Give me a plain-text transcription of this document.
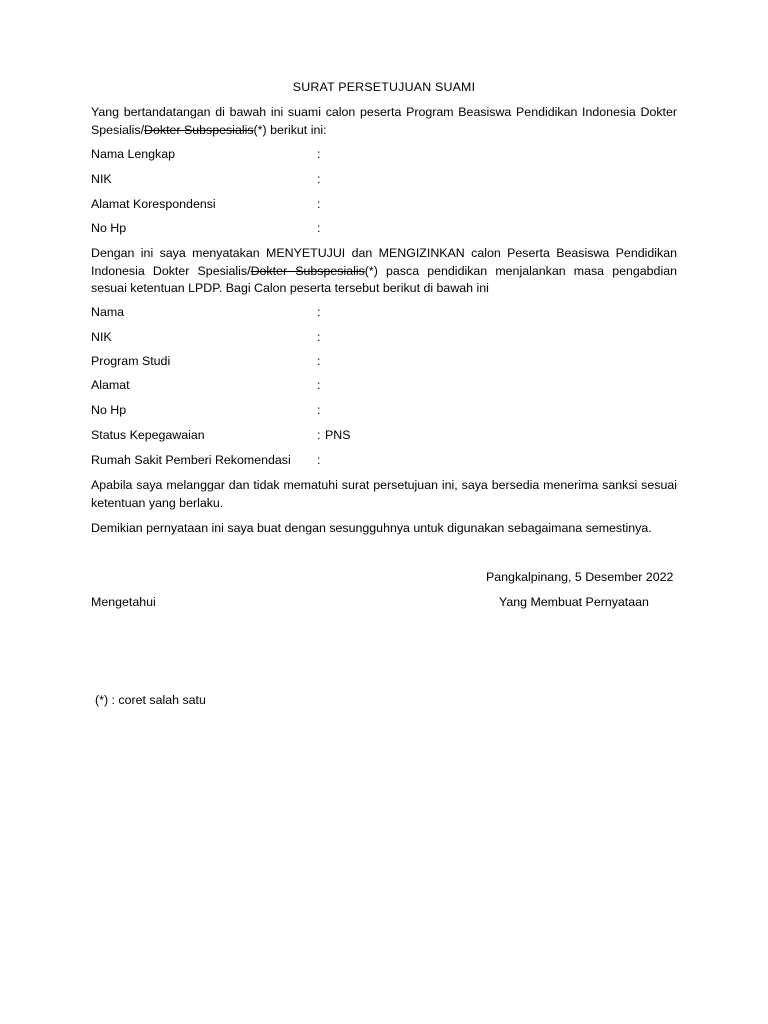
SURAT PERSETUJUAN SUAMI
Yang bertandatangan di bawah ini suami calon peserta Program Beasiswa Pendidikan Indonesia Dokter Spesialis/Dokter Subspesialis(*) berikut ini:
Nama Lengkap	:
NIK	:
Alamat Korespondensi	:
No Hp	:
Dengan ini saya menyatakan MENYETUJUI dan MENGIZINKAN calon Peserta Beasiswa Pendidikan Indonesia Dokter Spesialis/Dokter Subspesialis(*) pasca pendidikan menjalankan masa pengabdian sesuai ketentuan LPDP. Bagi Calon peserta tersebut berikut di bawah ini
Nama	:
NIK	:
Program Studi	:
Alamat	:
No Hp	:
Status Kepegawaian	: PNS
Rumah Sakit Pemberi Rekomendasi :
Apabila saya melanggar dan tidak mematuhi surat persetujuan ini, saya bersedia menerima sanksi sesuai ketentuan yang berlaku.
Demikian pernyataan ini saya buat dengan sesungguhnya untuk digunakan sebagaimana semestinya.
Pangkalpinang, 5 Desember 2022
Mengetahui	Yang Membuat Pernyataan
(*) : coret salah satu
